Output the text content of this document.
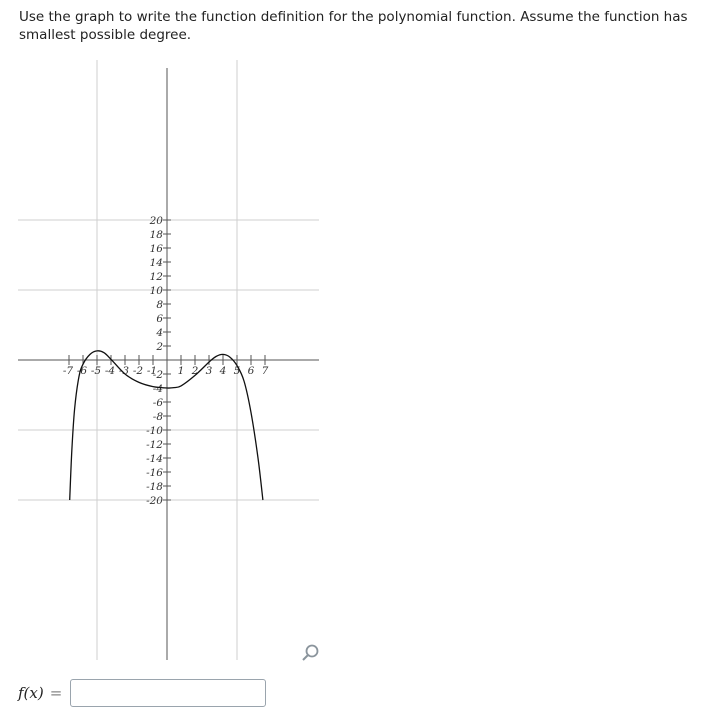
Use the graph to write the function definition for the polynomial function. Assume the function has smallest possible degree.
-7 -6 -5 -4 -3 -2 -1 1 2 3 4 5 6 7
20
18
16
14
12
10
8
6
4
2
-2
-4
-6
-8
-10
-12
-14
-16
-18
-20
f(x) =
